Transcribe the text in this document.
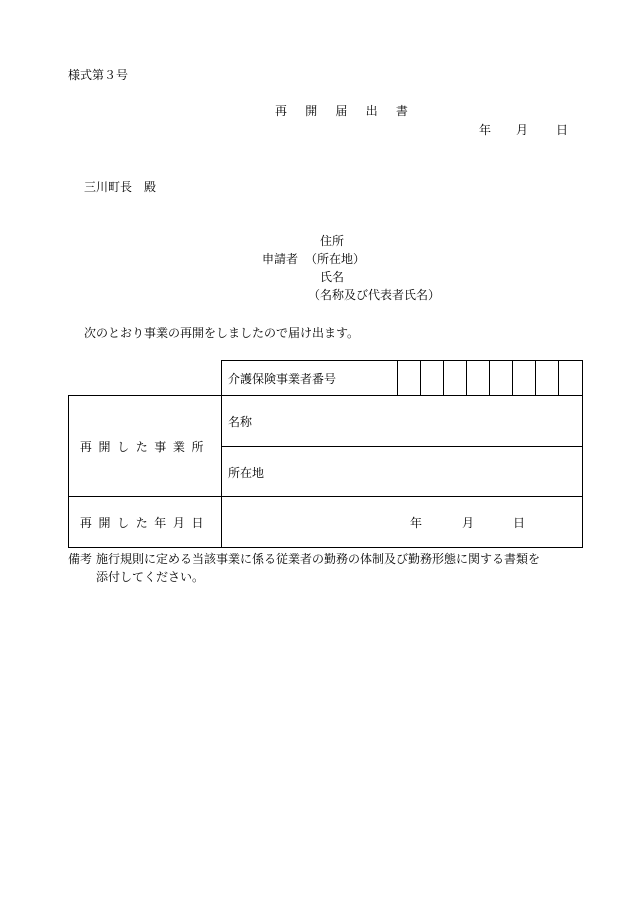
様式第３号
再 開 届 出 書
年 月 日
三川町長　殿
住所
申請者 （所在地）
氏名
（名称及び代表者氏名）
次のとおり事業の再開をしましたので届け出ます。
	介護保険事業者番号								
再開した事業所	名称								
	所在地								
再開した年月日	年 月 日								
備考 施行規則に定める当該事業に係る従業者の勤務の体制及び勤務形態に関する書類を
添付してください。
